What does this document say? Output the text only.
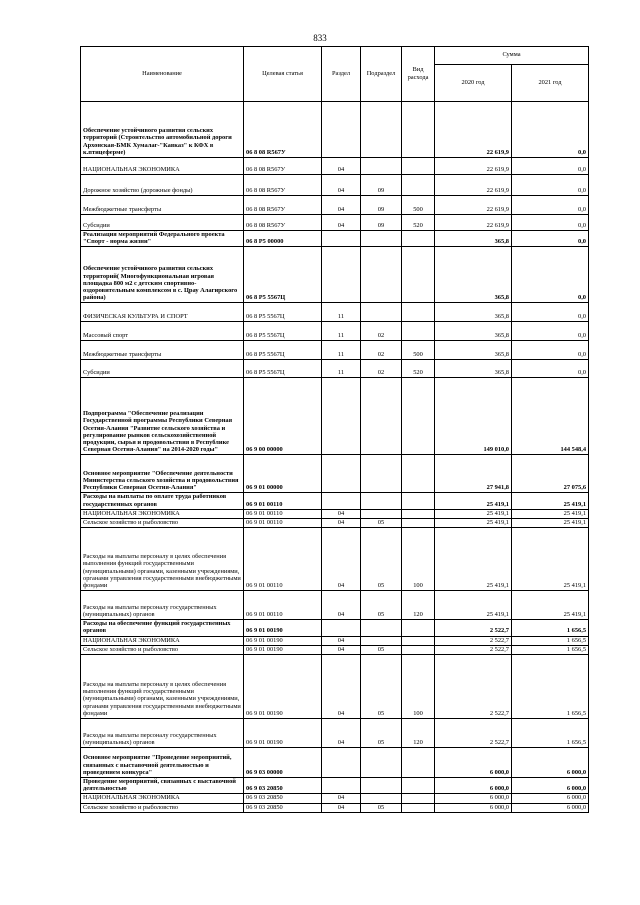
833
Наименование	Целевая статья	Раздел	Подраздел	Вид расхода	Сумма	
					2020 год	2021 год
Обеспечение устойчивого развития сельских территорий (Строительство автомобильной дороги Архонская-БМК Хумалаг-"Кавказ" к КФХ в к.птицеферме)	06 8 08 R567У				22 619,9	0,0
НАЦИОНАЛЬНАЯ ЭКОНОМИКА	06 8 08 R567У	04			22 619,9	0,0
Дорожное хозяйство (дорожные фонды)	06 8 08 R567У	04	09		22 619,9	0,0
Межбюджетные трансферты	06 8 08 R567У	04	09	500	22 619,9	0,0
Субсидии	06 8 08 R567У	04	09	520	22 619,9	0,0
Реализация мероприятий Федерального проекта "Спорт - норма жизни"	06 8 P5 00000				365,8	0,0
Обеспечение устойчивого развития сельских территорий( Многофункциональная игровая площадка 800 м2 с детским спортивно-оздоровительным комплексом в с. Црау Алагирского района)	06 8 P5 5567Ц				365,8	0,0
ФИЗИЧЕСКАЯ КУЛЬТУРА И СПОРТ	06 8 P5 5567Ц	11			365,8	0,0
Массовый спорт	06 8 P5 5567Ц	11	02		365,8	0,0
Межбюджетные трансферты	06 8 P5 5567Ц	11	02	500	365,8	0,0
Субсидии	06 8 P5 5567Ц	11	02	520	365,8	0,0
Подпрограмма "Обеспечение реализации Государственной программы Республики Северная Осетия-Алания "Развитие сельского хозяйства и регулирование рынков сельскохозяйственной продукции, сырья и продовольствия в Республике Северная Осетия-Алания" на 2014-2020 годы"	06 9 00 00000				149 010,0	144 548,4
Основное мероприятие "Обеспечение деятельности Министерства сельского хозяйства и продовольствия Республики Северная Осетия-Алания"	06 9 01 00000				27 941,8	27 075,6
Расходы на выплаты по оплате труда работников государственных органов	06 9 01 00110				25 419,1	25 419,1
НАЦИОНАЛЬНАЯ ЭКОНОМИКА	06 9 01 00110	04			25 419,1	25 419,1
Сельское хозяйство и рыболовство	06 9 01 00110	04	05		25 419,1	25 419,1
Расходы на выплаты персоналу в целях обеспечения выполнения функций государственными (муниципальными) органами, казенными учреждениями, органами управления государственными внебюджетными фондами	06 9 01 00110	04	05	100	25 419,1	25 419,1
Расходы на выплаты персоналу государственных (муниципальных) органов	06 9 01 00110	04	05	120	25 419,1	25 419,1
Расходы на обеспечение функций государственных органов	06 9 01 00190				2 522,7	1 656,5
НАЦИОНАЛЬНАЯ ЭКОНОМИКА	06 9 01 00190	04			2 522,7	1 656,5
Сельское хозяйство и рыболовство	06 9 01 00190	04	05		2 522,7	1 656,5
Расходы на выплаты персоналу в целях обеспечения выполнения функций государственными (муниципальными) органами, казенными учреждениями, органами управления государственными внебюджетными фондами	06 9 01 00190	04	05	100	2 522,7	1 656,5
Расходы на выплаты персоналу государственных (муниципальных) органов	06 9 01 00190	04	05	120	2 522,7	1 656,5
Основное мероприятие "Проведение мероприятий, связанных с выставочной деятельностью и проведением конкурса"	06 9 03 00000				6 000,0	6 000,0
Проведение мероприятий, связанных с выставочной деятельностью	06 9 03 20850				6 000,0	6 000,0
НАЦИОНАЛЬНАЯ ЭКОНОМИКА	06 9 03 20850	04			6 000,0	6 000,0
Сельское хозяйство и рыболовство	06 9 03 20850	04	05		6 000,0	6 000,0
